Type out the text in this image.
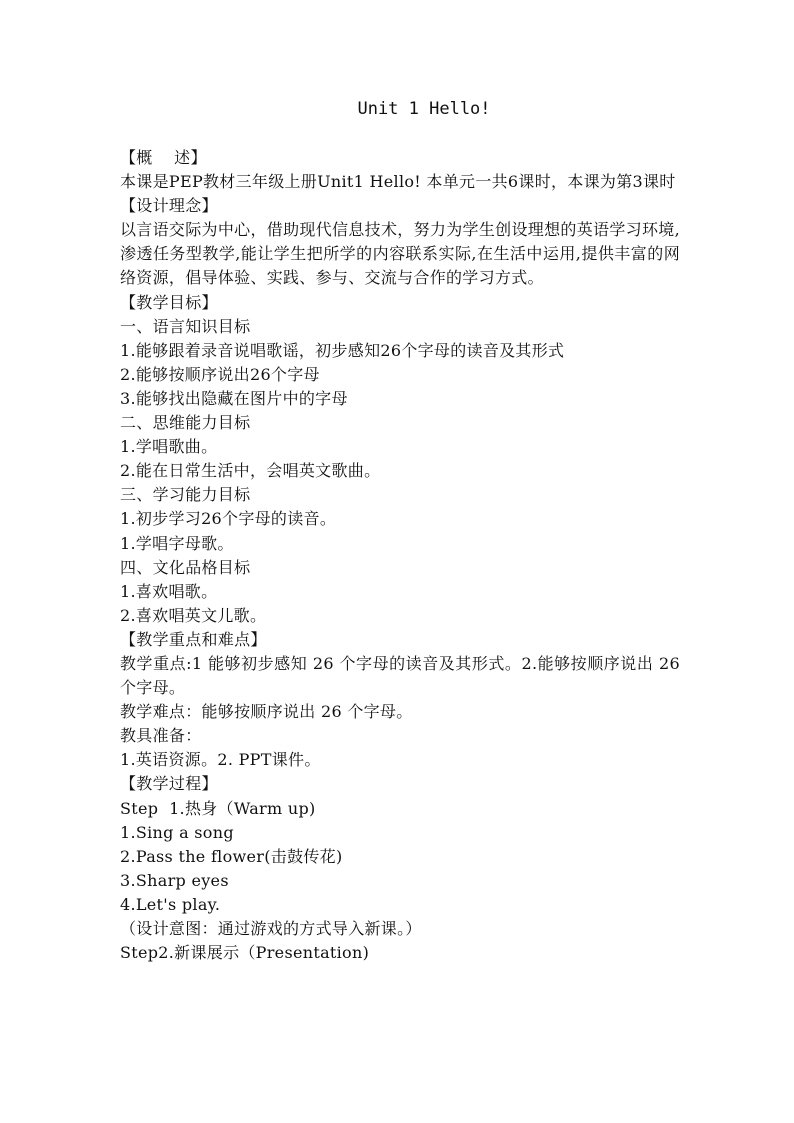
Unit 1 Hello!
【概    述】
本课是PEP教材三年级上册Unit1 Hello! 本单元一共6课时，本课为第3课时
【设计理念】
以言语交际为中心，借助现代信息技术，努力为学生创设理想的英语学习环境,渗透任务型教学,能让学生把所学的内容联系实际,在生活中运用,提供丰富的网络资源，倡导体验、实践、参与、交流与合作的学习方式。
【教学目标】
一、语言知识目标
1.能够跟着录音说唱歌谣，初步感知26个字母的读音及其形式
2.能够按顺序说出26个字母
3.能够找出隐藏在图片中的字母
二、思维能力目标
1.学唱歌曲。
2.能在日常生活中，会唱英文歌曲。
三、学习能力目标
1.初步学习26个字母的读音。
1.学唱字母歌。
四、文化品格目标
1.喜欢唱歌。
2.喜欢唱英文儿歌。
【教学重点和难点】
教学重点:1 能够初步感知 26 个字母的读音及其形式。2.能够按顺序说出 26 个字母。
教学难点：能够按顺序说出 26 个字母。
教具准备：
1.英语资源。2. PPT课件。
【教学过程】
Step  1.热身（Warm up)
1.Sing a song
2.Pass the flower(击鼓传花)
3.Sharp eyes
4.Let's play.
（设计意图：通过游戏的方式导入新课。）
Step2.新课展示（Presentation)
